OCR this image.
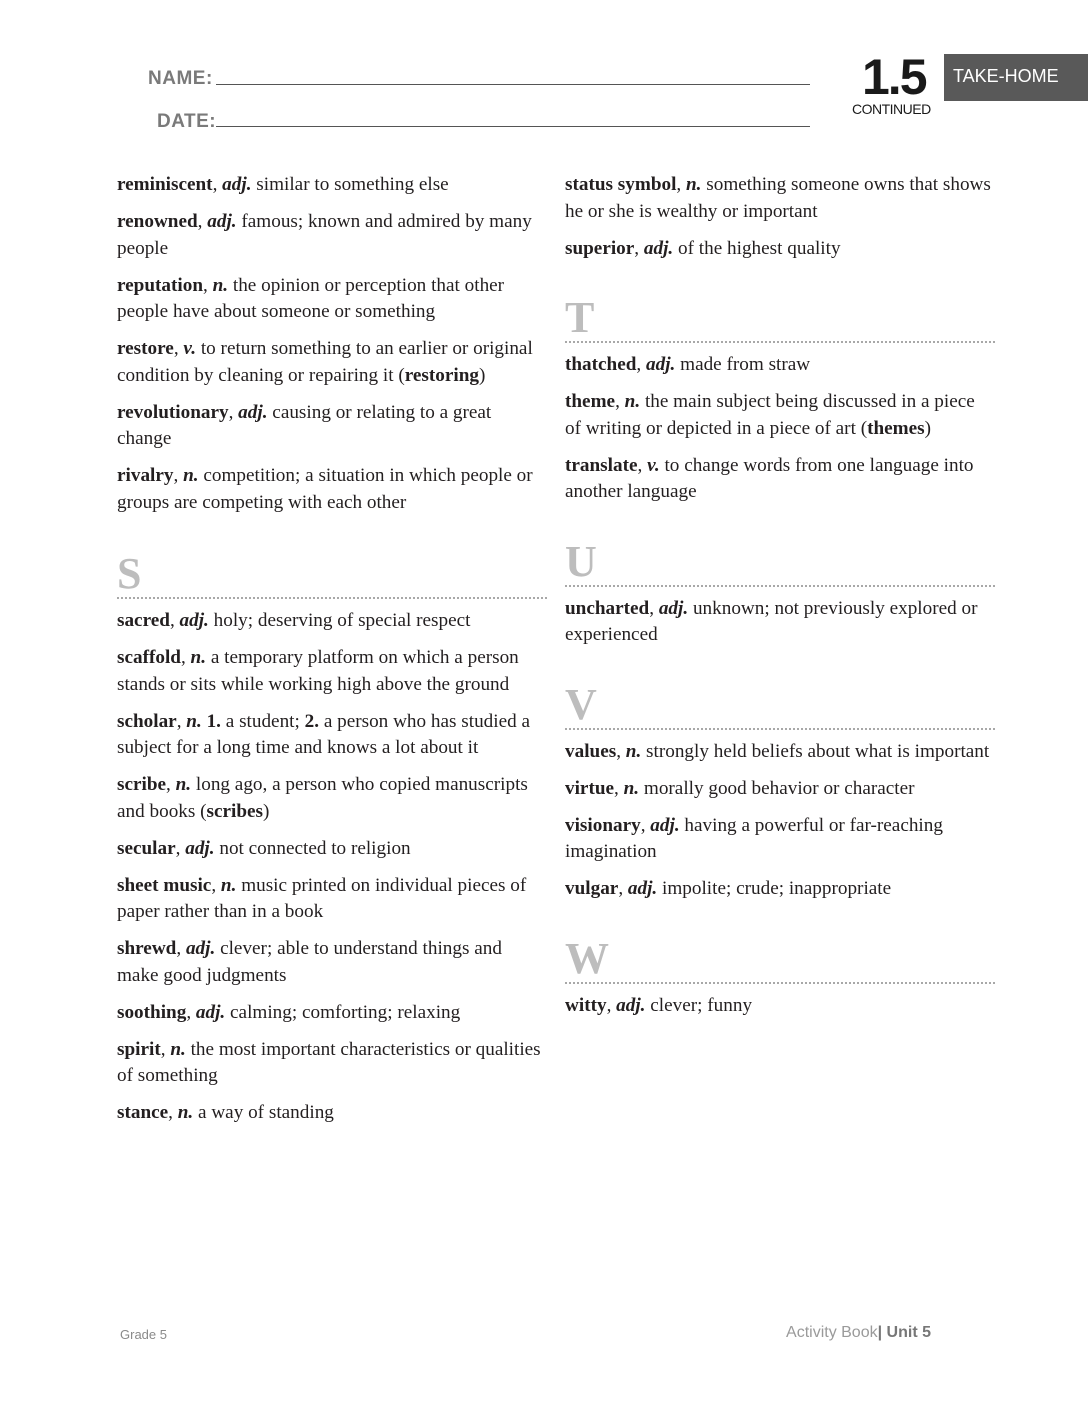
NAME:
DATE:
1.5
CONTINUED
TAKE-HOME

reminiscent, adj. similar to something else

renowned, adj. famous; known and admired by many people

reputation, n. the opinion or perception that other people have about someone or something

restore, v. to return something to an earlier or original condition by cleaning or repairing it (restoring)

revolutionary, adj. causing or relating to a great change

rivalry, n. competition; a situation in which people or groups are competing with each other

S

sacred, adj. holy; deserving of special respect

scaffold, n. a temporary platform on which a person stands or sits while working high above the ground

scholar, n. 1. a student; 2. a person who has studied a subject for a long time and knows a lot about it

scribe, n. long ago, a person who copied manuscripts and books (scribes)

secular, adj. not connected to religion

sheet music, n. music printed on individual pieces of paper rather than in a book

shrewd, adj. clever; able to understand things and make good judgments

soothing, adj. calming; comforting; relaxing

spirit, n. the most important characteristics or qualities of something

stance, n. a way of standing

status symbol, n. something someone owns that shows he or she is wealthy or important

superior, adj. of the highest quality

T

thatched, adj. made from straw

theme, n. the main subject being discussed in a piece of writing or depicted in a piece of art (themes)

translate, v. to change words from one language into another language

U

uncharted, adj. unknown; not previously explored or experienced

V

values, n. strongly held beliefs about what is important

virtue, n. morally good behavior or character

visionary, adj. having a powerful or far-reaching imagination

vulgar, adj. impolite; crude; inappropriate

W

witty, adj. clever; funny

Grade 5	Activity Book| Unit 5
